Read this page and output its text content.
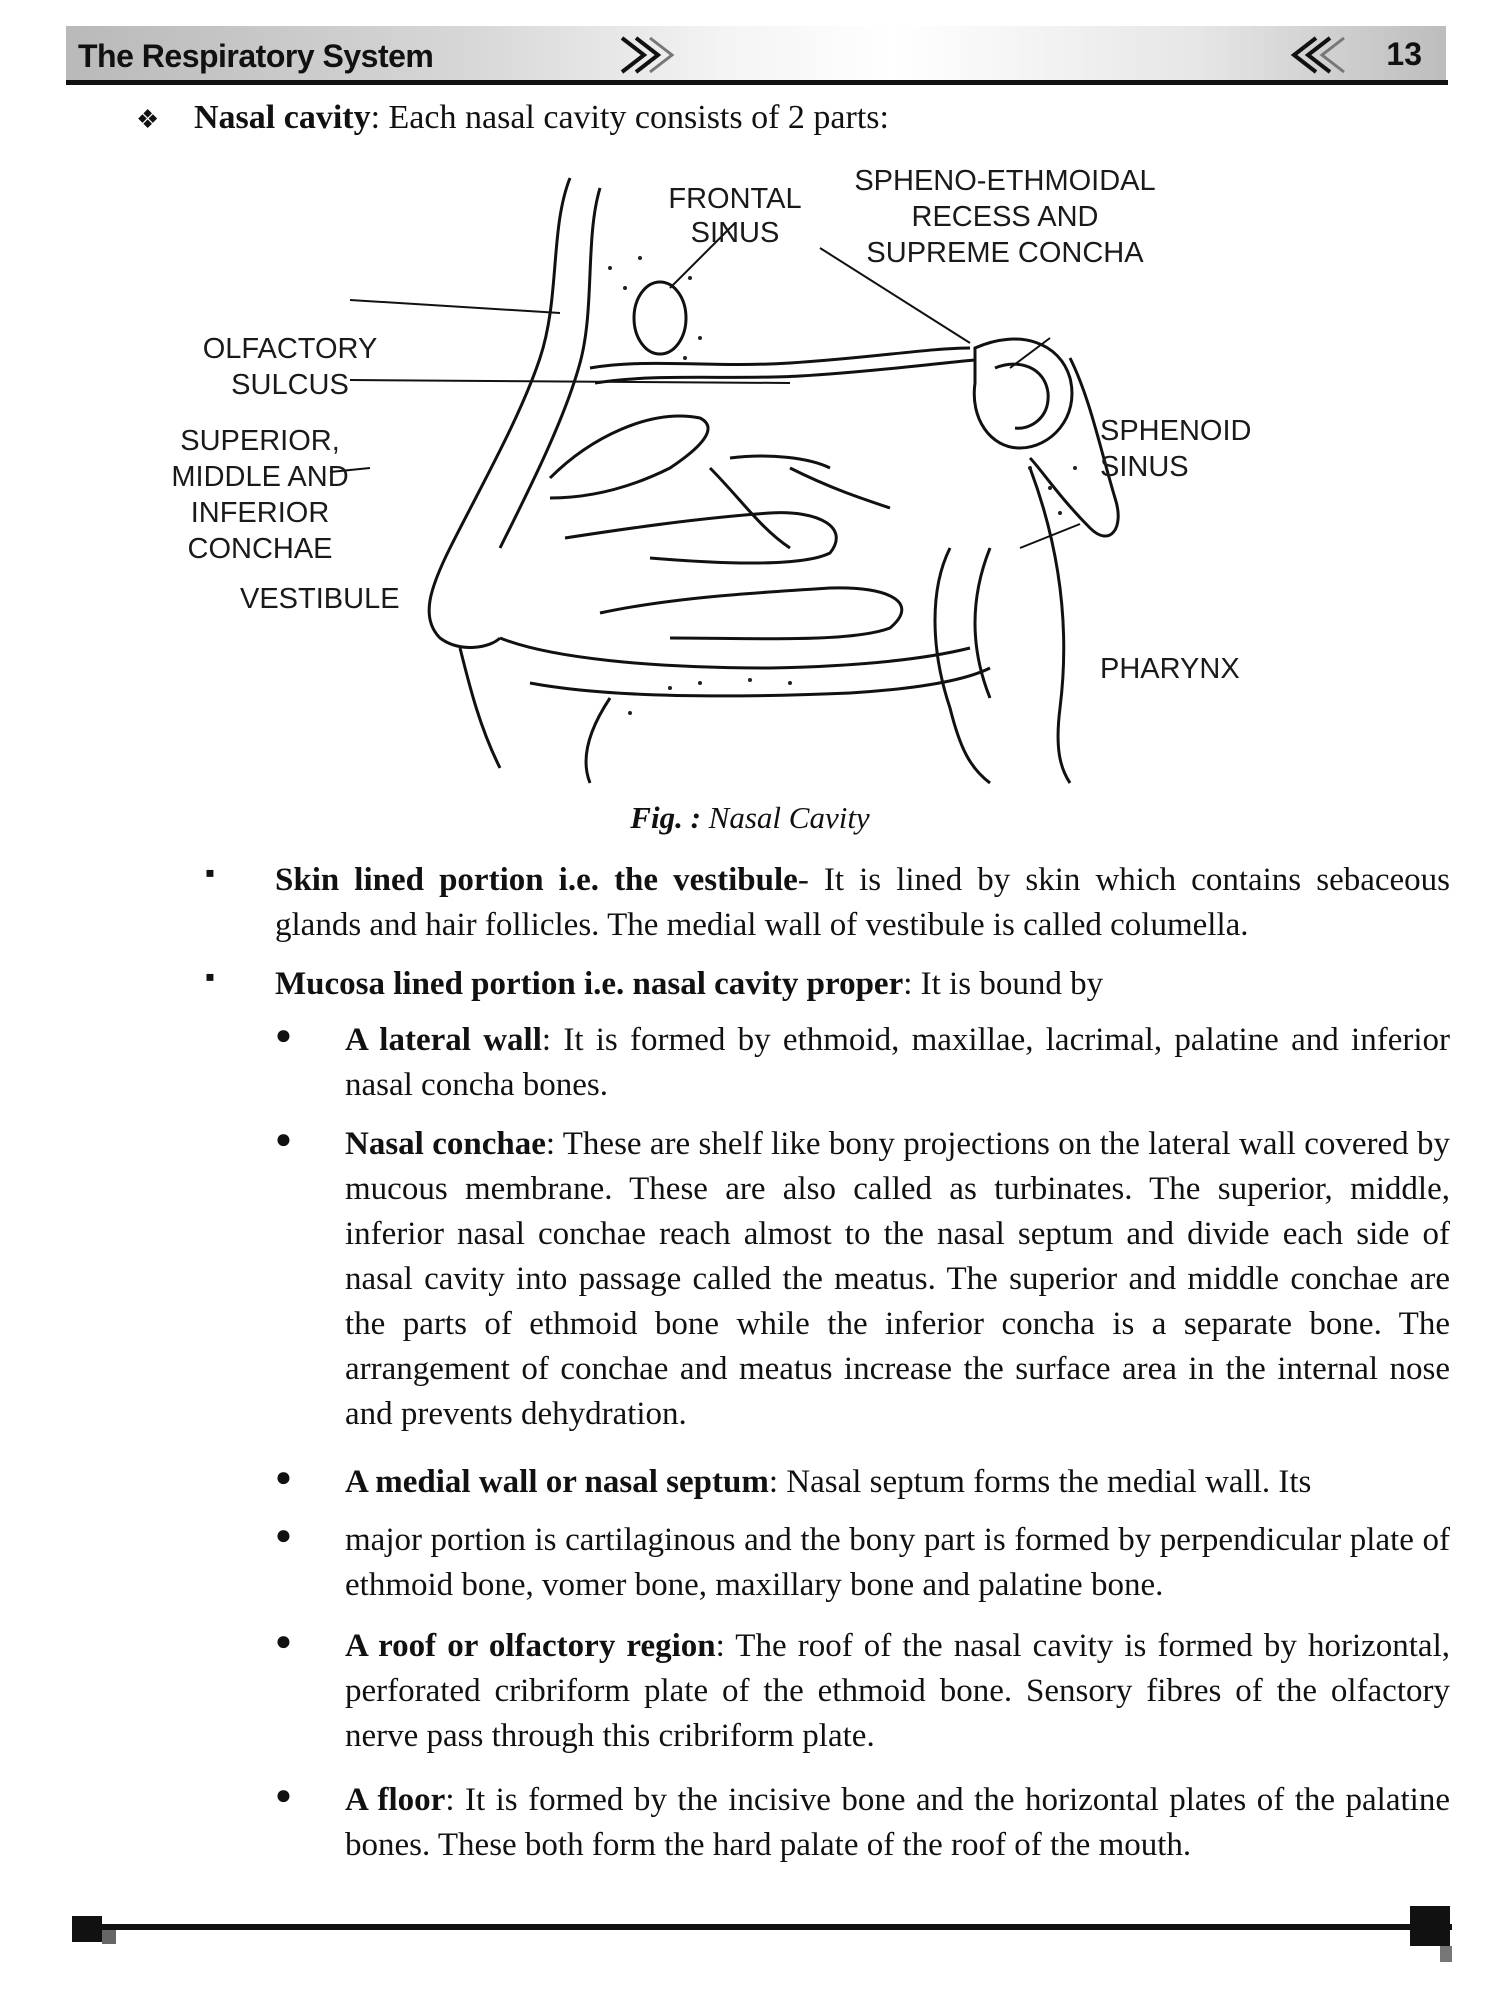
The Respiratory System	13
❖ Nasal cavity: Each nasal cavity consists of 2 parts:
FRONTAL
SINUS
SPHENO-ETHMOIDAL
RECESS AND
SUPREME CONCHA
OLFACTORY
SULCUS
SUPERIOR,
MIDDLE AND
INFERIOR
CONCHAE
VESTIBULE
SPHENOID
SINUS
PHARYNX
Fig. : Nasal Cavity
▪ Skin lined portion i.e. the vestibule- It is lined by skin which contains sebaceous glands and hair follicles. The medial wall of vestibule is called columella.
▪ Mucosa lined portion i.e. nasal cavity proper: It is bound by
● A lateral wall: It is formed by ethmoid, maxillae, lacrimal, palatine and inferior nasal concha bones.
● Nasal conchae: These are shelf like bony projections on the lateral wall covered by mucous membrane. These are also called as turbinates. The superior, middle, inferior nasal conchae reach almost to the nasal septum and divide each side of nasal cavity into passage called the meatus. The superior and middle conchae are the parts of ethmoid bone while the inferior concha is a separate bone. The arrangement of conchae and meatus increase the surface area in the internal nose and prevents dehydration.
● A medial wall or nasal septum: Nasal septum forms the medial wall. Its
● major portion is cartilaginous and the bony part is formed by perpendicular plate of ethmoid bone, vomer bone, maxillary bone and palatine bone.
● A roof or olfactory region: The roof of the nasal cavity is formed by horizontal, perforated cribriform plate of the ethmoid bone. Sensory fibres of the olfactory nerve pass through this cribriform plate.
● A floor: It is formed by the incisive bone and the horizontal plates of the palatine bones. These both form the hard palate of the roof of the mouth.
